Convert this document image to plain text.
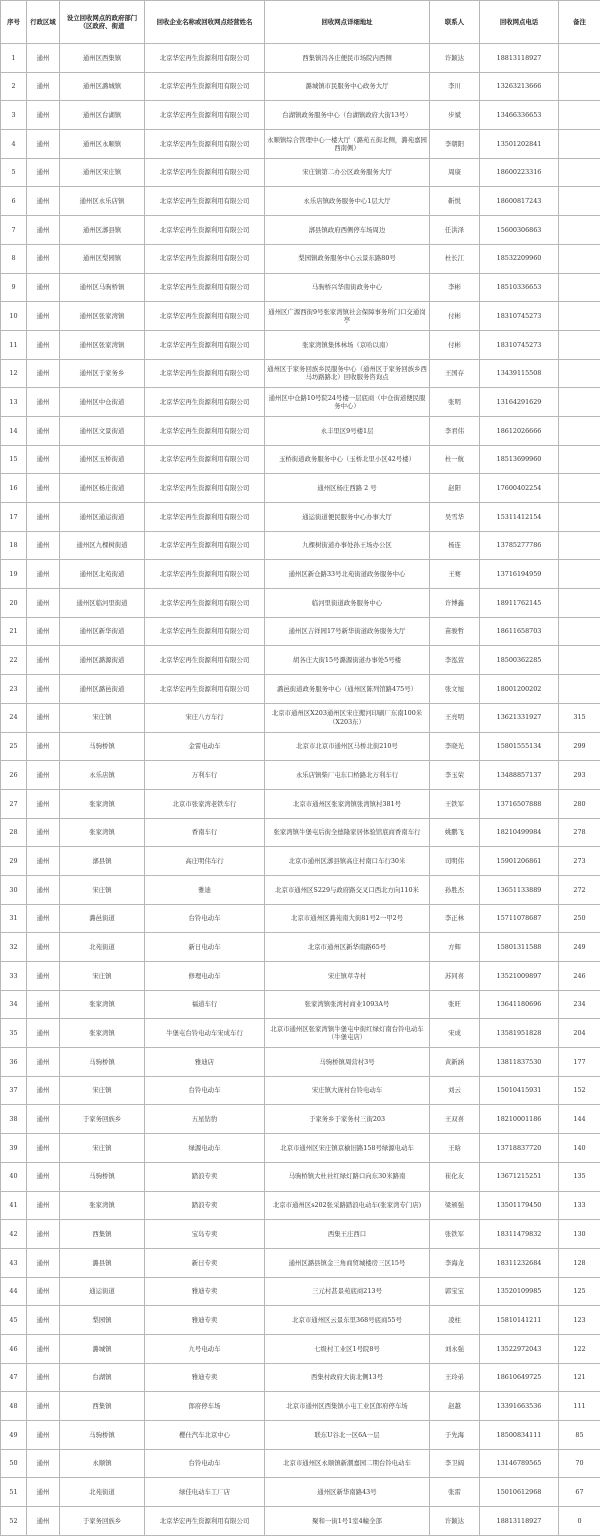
序号	行政区域	设立回收网点的政府部门（区政府、街道	回收企业名称或回收网点经营姓名	回收网点详细地址	联系人	回收网点电话	备注
1	通州	通州区西集镇	北京华宏再生资源利用有限公司	西集镇冯各庄便民市场院内西侧	许颖达	18813118927	
2	通州	通州区潞城镇	北京华宏再生资源利用有限公司	潞城镇市民服务中心政务大厅	李川	13263213666	
3	通州	通州区台湖镇	北京华宏再生资源利用有限公司	台湖镇政务服务中心（台湖镇政府大街13号）	步斌	13466336653	
4	通州	通州区永顺镇	北京华宏再生资源利用有限公司	永顺镇综合管理中心一楼大厅（潞苑五街北侧，潞苑嘉园西南侧）	李朝阳	13501202841	
5	通州	通州区宋庄镇	北京华宏再生资源利用有限公司	宋庄镇第二办公区政务服务大厅	周康	18600223316	
6	通州	通州区永乐店镇	北京华宏再生资源利用有限公司	永乐店镇政务服务中心1层大厅	靳悦	18600817243	
7	通州	通州区漷县镇	北京华宏再生资源利用有限公司	漷县镇政府西侧停车场周边	任洪泽	15600306863	
8	通州	通州区梨园镇	北京华宏再生资源利用有限公司	梨园镇政务服务中心云景东路80号	杜长江	18532209960	
9	通州	通州区马驹桥镇	北京华宏再生资源利用有限公司	马驹桥兴华南街政务中心	李彬	18510336653	
10	通州	通州区张家湾镇	北京华宏再生资源利用有限公司	通州区广源西街9号张家湾镇社会保障事务所门口交通岗亭	付彬	18310745273	
11	通州	通州区张家湾镇	北京华宏再生资源利用有限公司	张家湾镇集体林场（京哈以南）	付彬	18310745273	
12	通州	通州区于家务乡	北京华宏再生资源利用有限公司	通州区于家务回族乡民服务中心（通州区于家务回族乡西马坊路路北）回收服务咨询点	王国存	13439115508	
13	通州	通州区中仓街道	北京华宏再生资源利用有限公司	通州区中仓路10号院24号楼一层底商（中仓街道便民服务中心）	张明	13164291629	
14	通州	通州区文景街道	北京华宏再生资源利用有限公司	永丰里区9号楼1层	李君伟	18612026666	
15	通州	通州区玉桥街道	北京华宏再生资源利用有限公司	玉桥街道政务服务中心（玉桥北里小区42号楼）	杜一航	18513699960	
16	通州	通州区杨庄街道	北京华宏再生资源利用有限公司	通州区杨庄西路 2 号	赵阳	17600402254	
17	通州	通州区通运街道	北京华宏再生资源利用有限公司	通运街道便民服务中心办事大厅	吴雪华	15311412154	
18	通州	通州区九棵树街道	北京华宏再生资源利用有限公司	九棵树街道办事处孙王场办公区	杨连	13785277786	
19	通州	通州区北苑街道	北京华宏再生资源利用有限公司	通州区新仓路33号北苑街道政务服务中心	王赛	13716194959	
20	通州	通州区临河里街道	北京华宏再生资源利用有限公司	临河里街道政务服务中心	许博鑫	18911762145	
21	通州	通州区新华街道	北京华宏再生资源利用有限公司	通州区吉祥园17号新华街道政务服务大厅	苗骏哲	18611658703	
22	通州	通州区潞源街道	北京华宏再生资源利用有限公司	胡各庄大街15号潞源街道办事处5号楼	李泓萱	18500362285	
23	通州	通州区潞邑街道	北京华宏再生资源利用有限公司	潞邑街道政务服务中心（通州区陈列馆路475号）	张文旭	18001200202	
24	通州	宋庄镇	宋庄八方车行	北京市通州区X203通州区宋庄搬河印刷厂东南100米（X203东）	王亮明	13621331927	315
25	通州	马驹桥镇	金雷电动车	北京市北京市通州区马桥北街210号	李晓光	15801555134	299
26	通州	永乐店镇	万利车行	永乐店镇柴厂屯东口桥路北万利车行	李玉荣	13488857137	293
27	通州	张家湾镇	北京市张家湾老铁车行	北京市通州区张家湾镇张湾镇村381号	王铁军	13716507888	280
28	通州	张家湾镇	香南车行	张家湾镇牛堡屯后街全德隆家居体验馆底商香南车行	姚鹏飞	18210499984	278
29	通州	漷县镇	高庄明伟车行	北京市通州区漷县镇高庄村南口车行30米	司明伟	15901206861	273
30	通州	宋庄镇	雅迪	北京市通州区S229与政府路交叉口西北方向110米	孙胜杰	13651133889	272
31	通州	潞邑街道	台铃电动车	北京市通州区潞苑南大街81号2一甲2号	李正林	15711078687	250
32	通州	北苑街道	新日电动车	北京市通州区新华南路65号	方辉	15801311588	249
33	通州	宋庄镇	修理电动车	宋庄镇草寺村	苏同喜	13521009897	246
34	通州	张家湾镇	福道车行	张家湾镇张湾村商业1093A号	张旺	13641180696	234
35	通州	张家湾镇	牛堡屯台铃电动车宋成车行	北京市通州区张家湾镇牛堡屯中街红绿灯南台铃电动车（牛堡屯店）	宋成	13581951828	204
36	通州	马驹桥镇	雅迪店	马驹桥镇周营村3号	黄新涵	13811837530	177
37	通州	宋庄镇	台铃电动车	宋庄镇大庞村台铃电动车	刘云	15010415931	152
38	通州	于家务回族乡	五星钻豹	于家务乡于家务村三街203	王双喜	18210001186	144
39	通州	宋庄镇	绿源电动车	北京市通州区宋庄镇京榆旧路158号绿源电动车	王晗	13718837720	140
40	通州	马驹桥镇	踏浪专卖	马驹桥镇大杜社红绿灯路口向东30米路南	崔化友	13671215251	135
41	通州	张家湾镇	踏浪专卖	北京市通州区s202张采路踏浪电动车(张家湾专门店)	梁颁强	13501179450	133
42	通州	西集镇	宝岛专卖	西集王庄西口	张铁军	18311479832	130
43	通州	潞县镇	新日专卖	通州区潞县镇金三角商贸城楼房三区15号	李海龙	18311232684	128
44	通州	通运街道	雅迪专卖	三元村甚景苑底商213号	郭宝宝	13520109985	125
45	通州	梨园镇	雅迪专卖	北京市通州区云景东里368号底商55号	凌柱	15810141211	123
46	通州	潞城镇	九号电动车	七级村工业区1号院8号	刘永强	13522972043	122
47	通州	台湖镇	雅迪专卖	西集村政府大街北侧13号	王玲弟	18610649725	121
48	通州	西集镇	郎府停车场	北京市通州区西集镇小屯工业区郎府停车场	赵越	13391663536	111
49	通州	马驹桥镇	樱仕汽车北京中心	联东U谷北一区6A一层	于先海	18500834111	85
50	通州	永顺镇	台铃电动车	北京市通州区永顺镇新潮嘉园二期台铃电动车	李卫阔	13146789565	70
51	通州	北苑街道	绿佳电动车工厂店	通州区新华南路43号	张雷	15010612968	67
52	通州	于家务回族乡	北京华宏再生资源利用有限公司	聚和一街1号1室4幢全部	许颖达	18813118927	0
